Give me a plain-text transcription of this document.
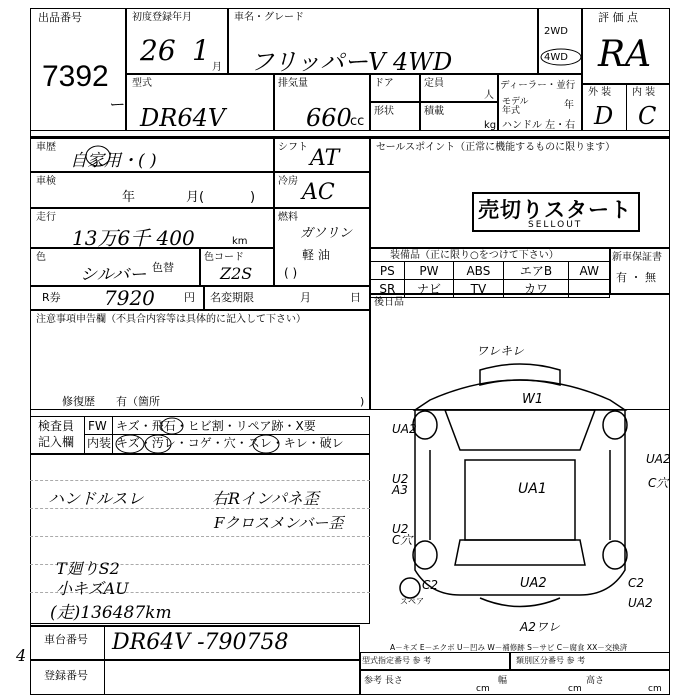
出品番号
7392
ー
初度登録年月
26 1
月
車名・グレード
フリッパーV 4WD
2WD
4WD
評 価 点
RA
外 装 内 装
D C
型式
DR64V
排気量
660
cc
ドア	定員
人
形状	積載
kg
ディーラー・並行
モデル 年式	年
ハンドル 左・右
車歴
自家用・( )
車検
年	月(	)
走行
13万6千 400	km
色
シルバー 色替
色コード
Z2S
シフト AT
冷房 AC
燃料
ガソリン
軽 油
( )
セールスポイント（正常に機能するものに限ります）
売切りスタート
SELLOUT
装備品（正に限り○をつけて下さい）
PS	PW	ABS	エアB	AW
SR	ナビ	TV	カワ	
新車保証書
有 ・ 無
後日品
R券 7920	円 名変期限	月	日
注意事項申告欄（不具合内容等は具体的に記入して下さい）
修復歴 有（箇所	)
検査員
記入欄
FW キズ・飛石・ヒビ割・リペア跡・X要
内装 キズ・汚レ・コゲ・穴・スレ・キレ・破レ
ハンドルスレ	右Rインパネ歪
Fクロスメンバー歪
T廻りS2
小キズAU
(走)136487km
ワレキレ
W1
UA2
UA2
U2 A3	UA1
U2 C穴
C穴
C2	UA2	C2
UA2
A2ワレ
スペア
A－キズ E－エクボ U－凹み W－補修跡 S－サビ C－腐食 XX－交換済
車台番号 DR64V -790758
登録番号
4	型式指定番号 参 考	類別区分番号 参 考
参考 長さ
cm
幅
cm
高さ
cm
